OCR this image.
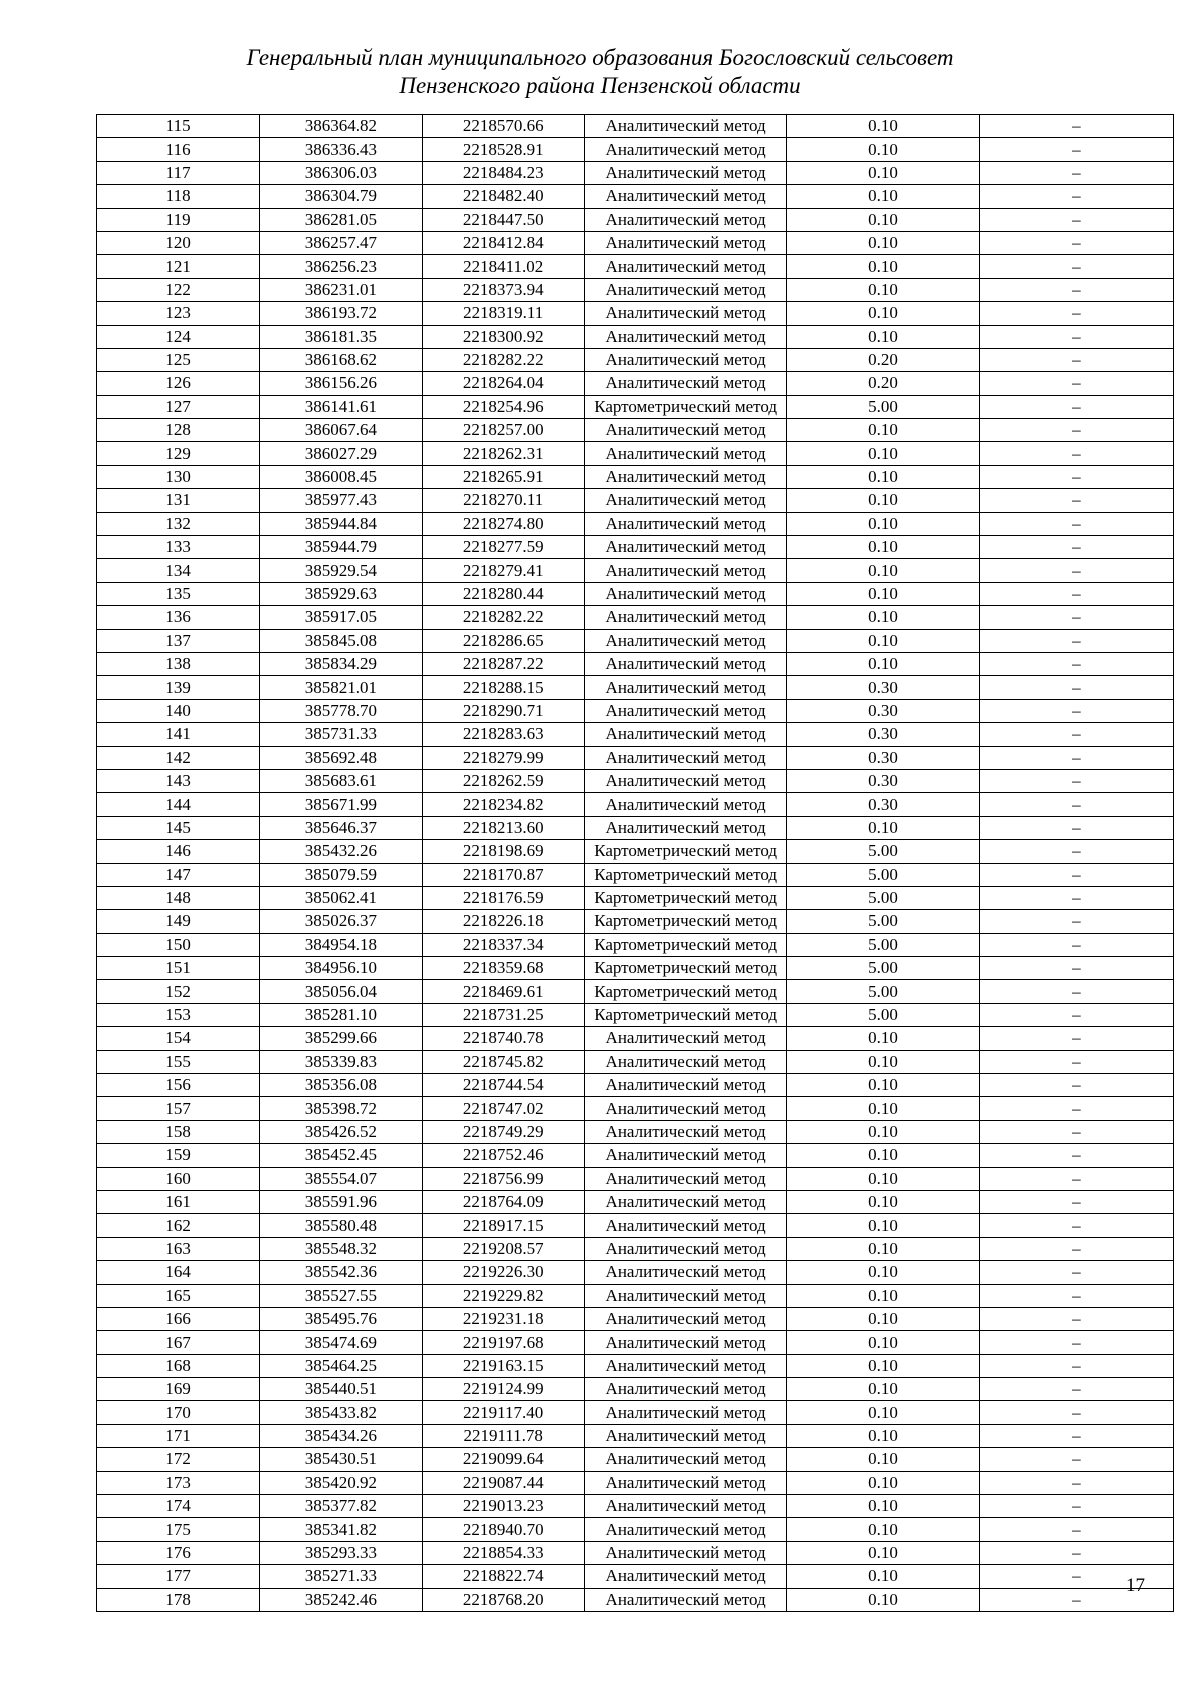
Генеральный план муниципального образования Богословский сельсовет
Пензенского района Пензенской области
115	386364.82	2218570.66	Аналитический метод	0.10	–
116	386336.43	2218528.91	Аналитический метод	0.10	–
117	386306.03	2218484.23	Аналитический метод	0.10	–
118	386304.79	2218482.40	Аналитический метод	0.10	–
119	386281.05	2218447.50	Аналитический метод	0.10	–
120	386257.47	2218412.84	Аналитический метод	0.10	–
121	386256.23	2218411.02	Аналитический метод	0.10	–
122	386231.01	2218373.94	Аналитический метод	0.10	–
123	386193.72	2218319.11	Аналитический метод	0.10	–
124	386181.35	2218300.92	Аналитический метод	0.10	–
125	386168.62	2218282.22	Аналитический метод	0.20	–
126	386156.26	2218264.04	Аналитический метод	0.20	–
127	386141.61	2218254.96	Картометрический метод	5.00	–
128	386067.64	2218257.00	Аналитический метод	0.10	–
129	386027.29	2218262.31	Аналитический метод	0.10	–
130	386008.45	2218265.91	Аналитический метод	0.10	–
131	385977.43	2218270.11	Аналитический метод	0.10	–
132	385944.84	2218274.80	Аналитический метод	0.10	–
133	385944.79	2218277.59	Аналитический метод	0.10	–
134	385929.54	2218279.41	Аналитический метод	0.10	–
135	385929.63	2218280.44	Аналитический метод	0.10	–
136	385917.05	2218282.22	Аналитический метод	0.10	–
137	385845.08	2218286.65	Аналитический метод	0.10	–
138	385834.29	2218287.22	Аналитический метод	0.10	–
139	385821.01	2218288.15	Аналитический метод	0.30	–
140	385778.70	2218290.71	Аналитический метод	0.30	–
141	385731.33	2218283.63	Аналитический метод	0.30	–
142	385692.48	2218279.99	Аналитический метод	0.30	–
143	385683.61	2218262.59	Аналитический метод	0.30	–
144	385671.99	2218234.82	Аналитический метод	0.30	–
145	385646.37	2218213.60	Аналитический метод	0.10	–
146	385432.26	2218198.69	Картометрический метод	5.00	–
147	385079.59	2218170.87	Картометрический метод	5.00	–
148	385062.41	2218176.59	Картометрический метод	5.00	–
149	385026.37	2218226.18	Картометрический метод	5.00	–
150	384954.18	2218337.34	Картометрический метод	5.00	–
151	384956.10	2218359.68	Картометрический метод	5.00	–
152	385056.04	2218469.61	Картометрический метод	5.00	–
153	385281.10	2218731.25	Картометрический метод	5.00	–
154	385299.66	2218740.78	Аналитический метод	0.10	–
155	385339.83	2218745.82	Аналитический метод	0.10	–
156	385356.08	2218744.54	Аналитический метод	0.10	–
157	385398.72	2218747.02	Аналитический метод	0.10	–
158	385426.52	2218749.29	Аналитический метод	0.10	–
159	385452.45	2218752.46	Аналитический метод	0.10	–
160	385554.07	2218756.99	Аналитический метод	0.10	–
161	385591.96	2218764.09	Аналитический метод	0.10	–
162	385580.48	2218917.15	Аналитический метод	0.10	–
163	385548.32	2219208.57	Аналитический метод	0.10	–
164	385542.36	2219226.30	Аналитический метод	0.10	–
165	385527.55	2219229.82	Аналитический метод	0.10	–
166	385495.76	2219231.18	Аналитический метод	0.10	–
167	385474.69	2219197.68	Аналитический метод	0.10	–
168	385464.25	2219163.15	Аналитический метод	0.10	–
169	385440.51	2219124.99	Аналитический метод	0.10	–
170	385433.82	2219117.40	Аналитический метод	0.10	–
171	385434.26	2219111.78	Аналитический метод	0.10	–
172	385430.51	2219099.64	Аналитический метод	0.10	–
173	385420.92	2219087.44	Аналитический метод	0.10	–
174	385377.82	2219013.23	Аналитический метод	0.10	–
175	385341.82	2218940.70	Аналитический метод	0.10	–
176	385293.33	2218854.33	Аналитический метод	0.10	–
177	385271.33	2218822.74	Аналитический метод	0.10	–
178	385242.46	2218768.20	Аналитический метод	0.10	–
17
